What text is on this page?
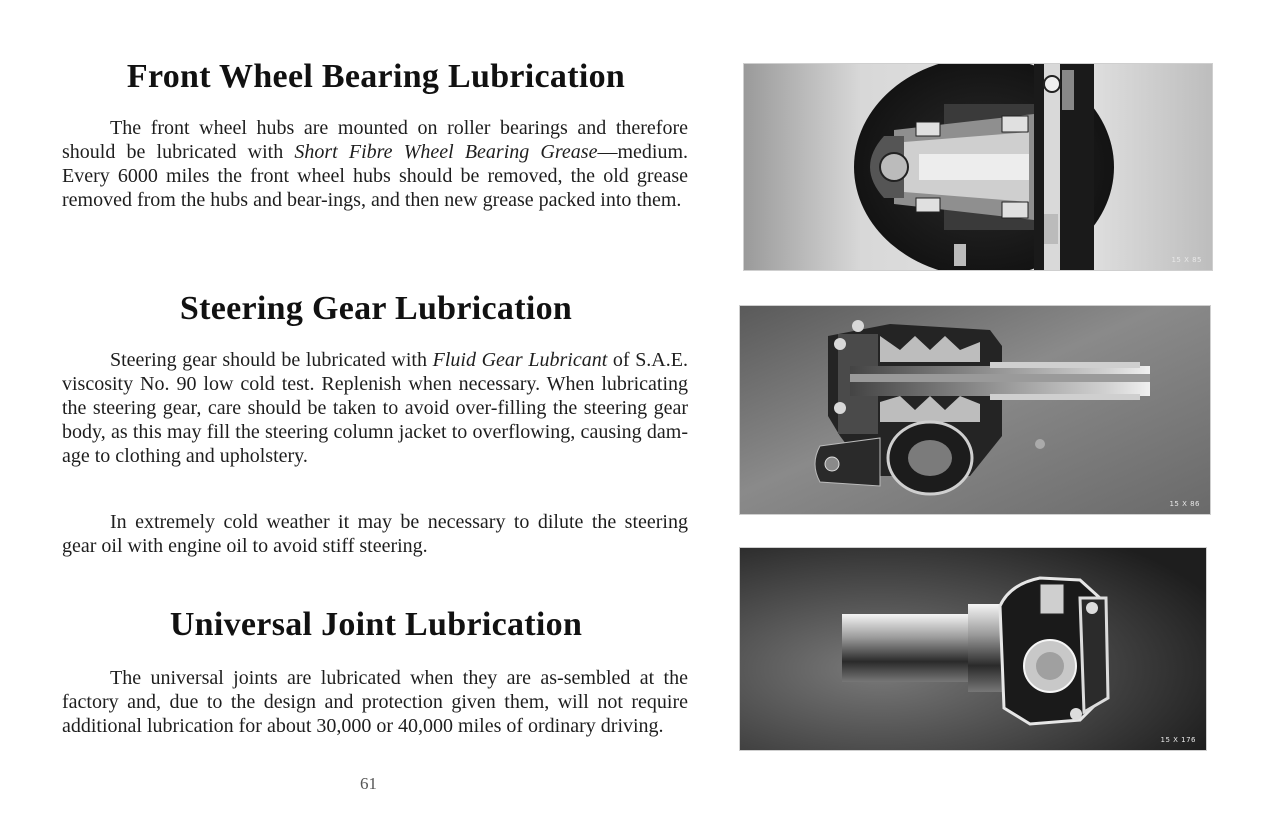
Front Wheel Bearing Lubrication

The front wheel hubs are mounted on roller bearings and therefore should be lubricated with Short Fibre Wheel Bearing Grease—medium. Every 6000 miles the front wheel hubs should be removed, the old grease removed from the hubs and bear-ings, and then new grease packed into them.

Steering Gear Lubrication

Steering gear should be lubricated with Fluid Gear Lubricant of S.A.E. viscosity No. 90 low cold test. Replenish when necessary. When lubricating the steering gear, care should be taken to avoid over-filling the steering gear body, as this may fill the steering column jacket to overflowing, causing dam-age to clothing and upholstery.

In extremely cold weather it may be necessary to dilute the steering gear oil with engine oil to avoid stiff steering.

Universal Joint Lubrication

The universal joints are lubricated when they are as-sembled at the factory and, due to the design and protection given them, will not require additional lubrication for about 30,000 or 40,000 miles of ordinary driving.

61
15 X 85
15 X 86
15 X 176
